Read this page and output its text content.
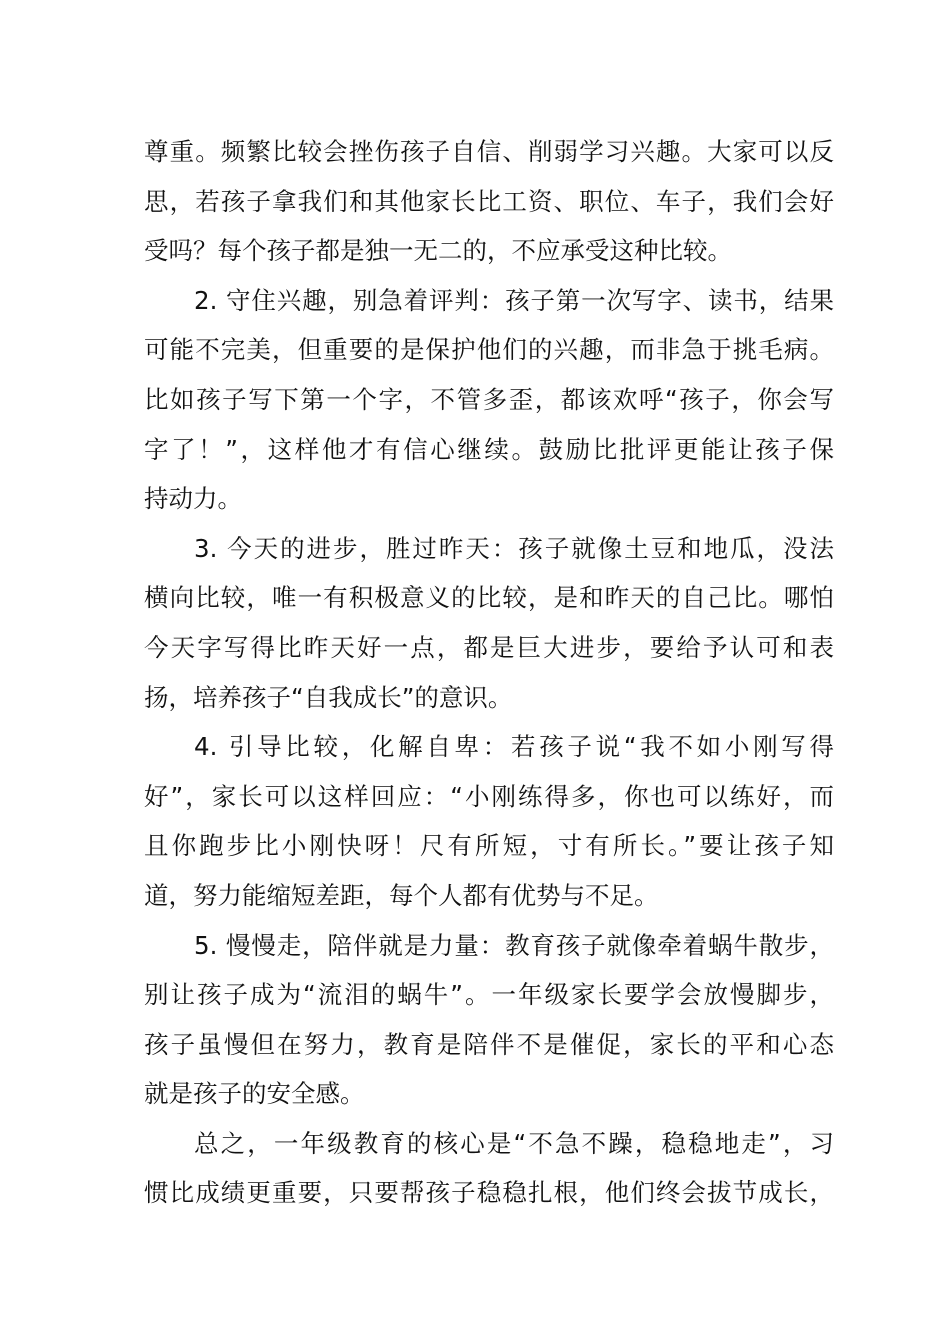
尊重。频繁比较会挫伤孩子自信、削弱学习兴趣。大家可以反
思，若孩子拿我们和其他家长比工资、职位、车子，我们会好
受吗？每个孩子都是独一无二的，不应承受这种比较。
2. 守住兴趣，别急着评判：孩子第一次写字、读书，结果
可能不完美，但重要的是保护他们的兴趣，而非急于挑毛病。
比如孩子写下第一个字，不管多歪，都该欢呼“孩子，你会写
字了！”，这样他才有信心继续。鼓励比批评更能让孩子保
持动力。
3. 今天的进步，胜过昨天：孩子就像土豆和地瓜，没法
横向比较，唯一有积极意义的比较，是和昨天的自己比。哪怕
今天字写得比昨天好一点，都是巨大进步，要给予认可和表
扬，培养孩子“自我成长”的意识。
4. 引导比较，化解自卑：若孩子说“我不如小刚写得
好”，家长可以这样回应：“小刚练得多，你也可以练好，而
且你跑步比小刚快呀！尺有所短，寸有所长。”要让孩子知
道，努力能缩短差距，每个人都有优势与不足。
5. 慢慢走，陪伴就是力量：教育孩子就像牵着蜗牛散步，
别让孩子成为“流泪的蜗牛”。一年级家长要学会放慢脚步，
孩子虽慢但在努力，教育是陪伴不是催促，家长的平和心态
就是孩子的安全感。
总之，一年级教育的核心是“不急不躁，稳稳地走”，习
惯比成绩更重要，只要帮孩子稳稳扎根，他们终会拔节成长，
